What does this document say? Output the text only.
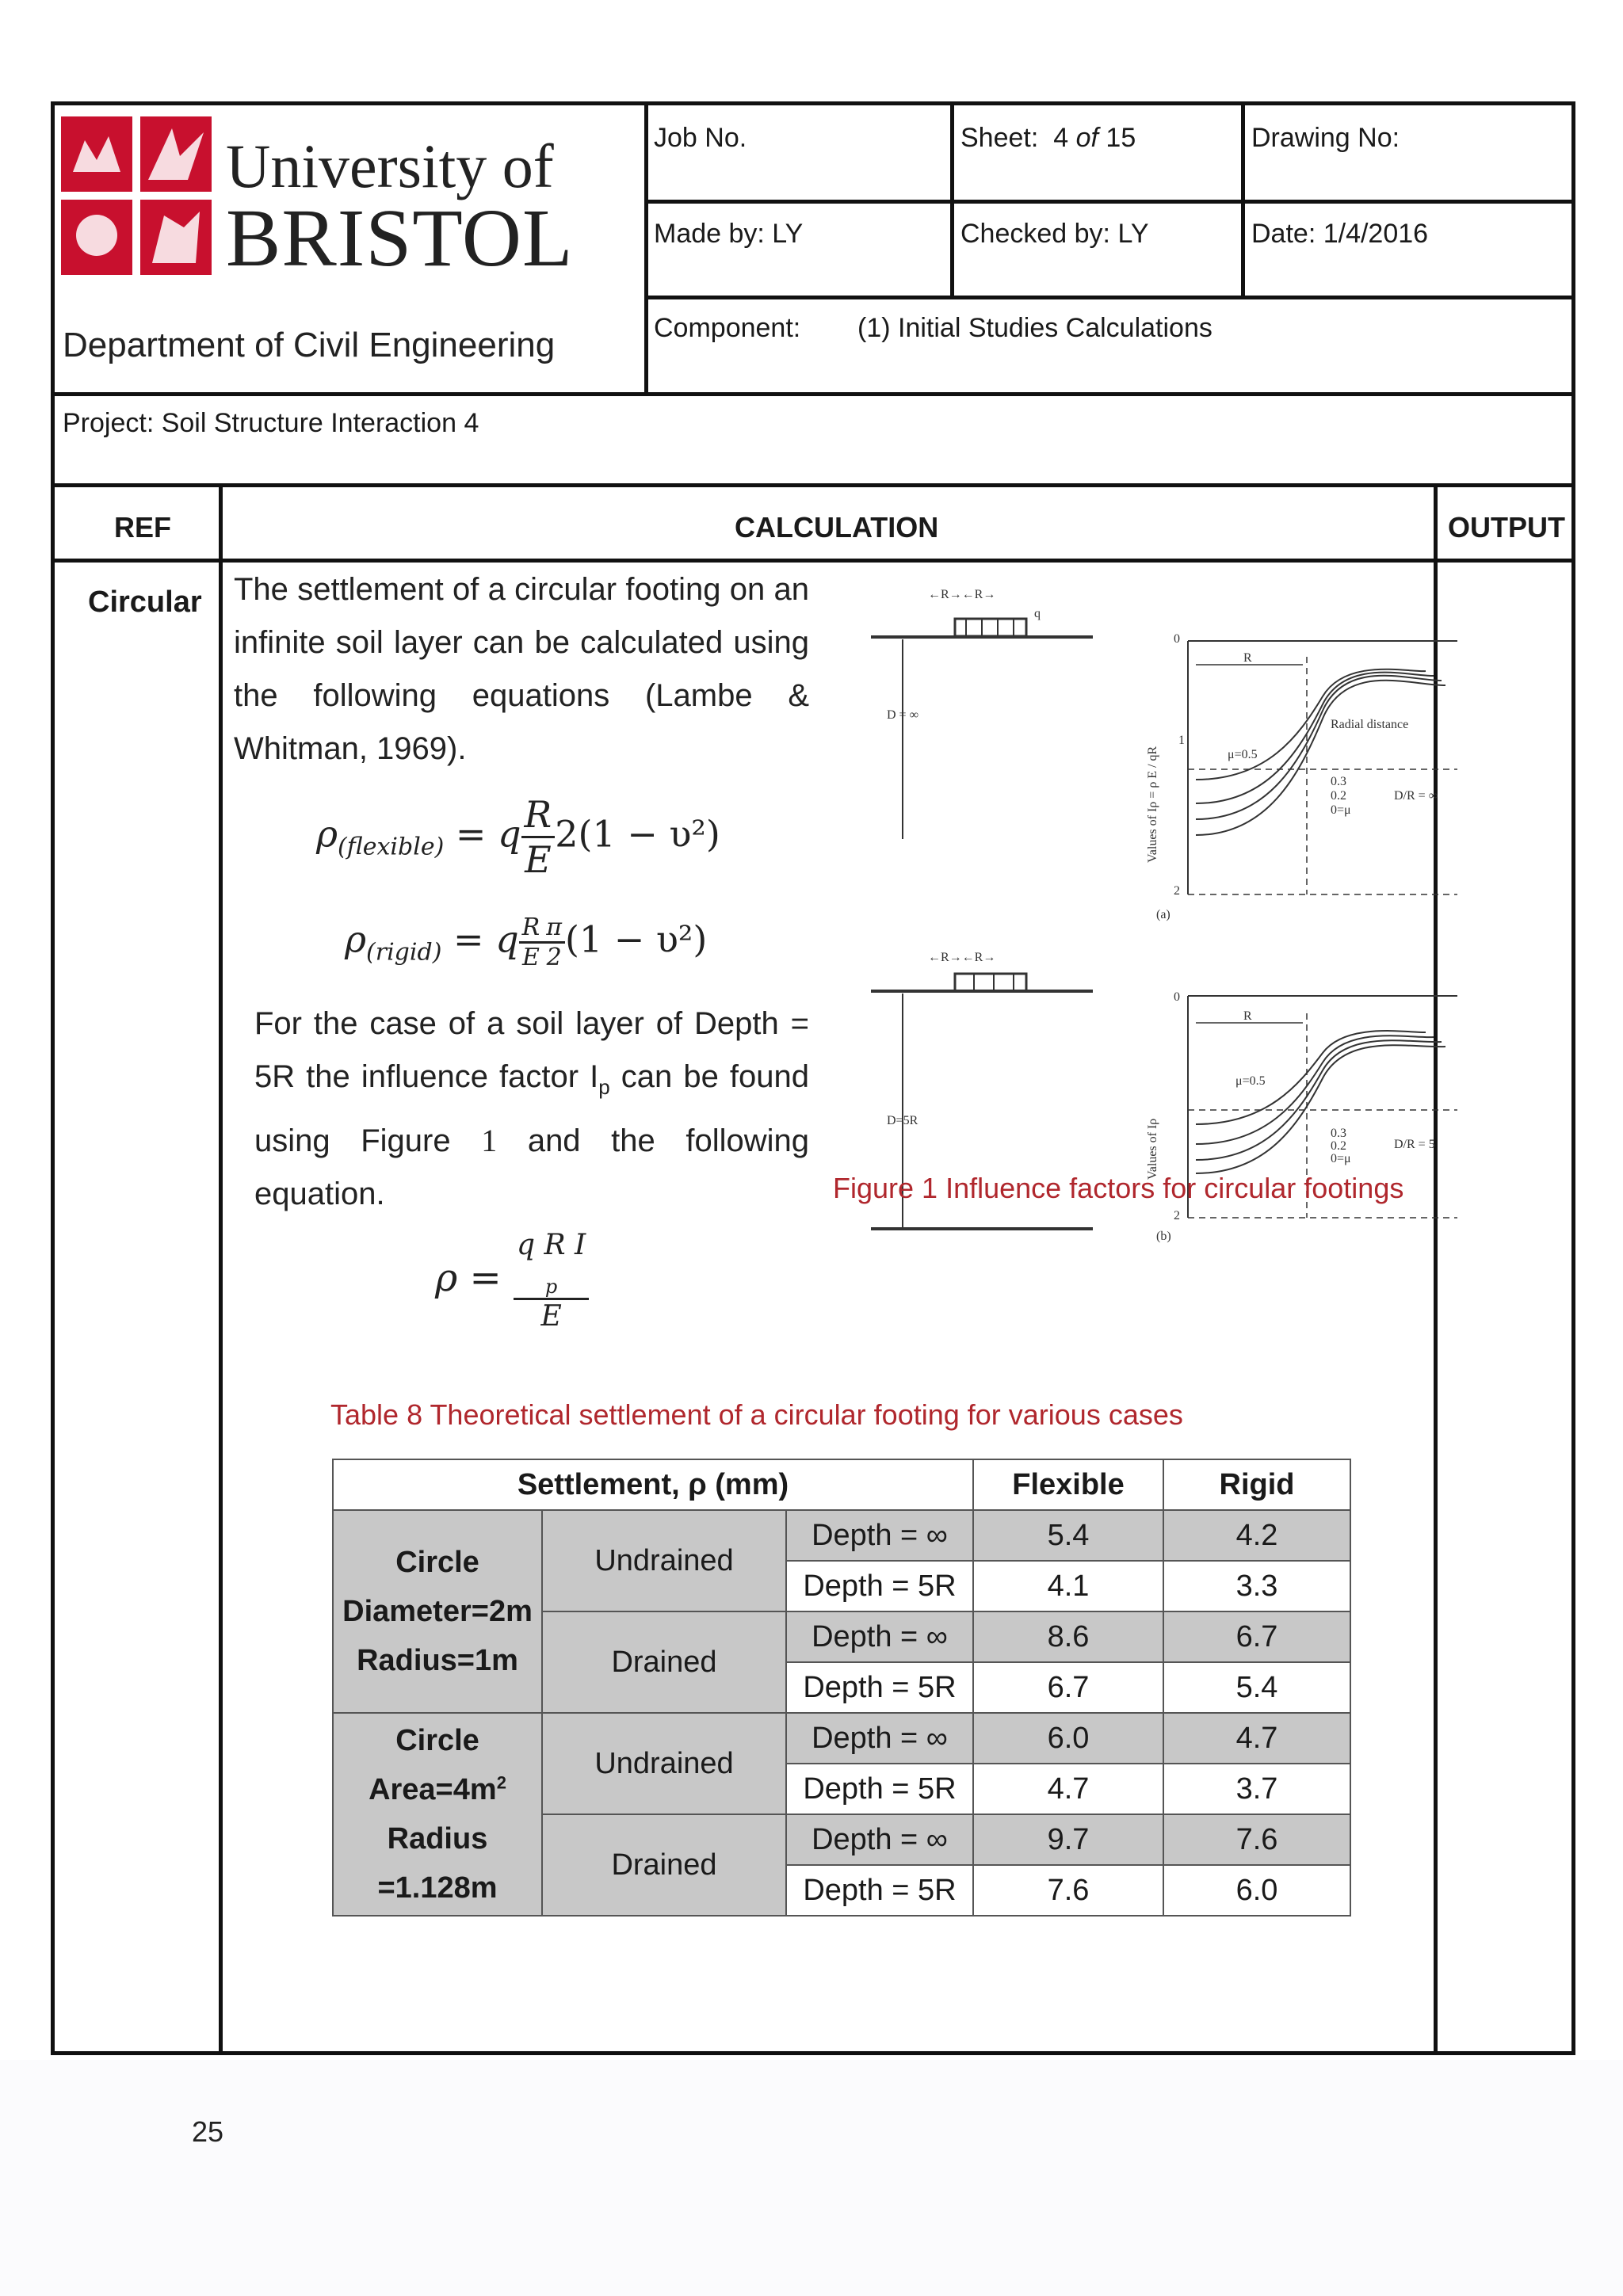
University of
BRISTOL
Department of Civil Engineering
Job No.	Sheet: 4 of 15	Drawing No:
Made by: LY	Checked by: LY	Date: 1/4/2016
Component: (1) Initial Studies Calculations
Project: Soil Structure Interaction 4
REF	CALCULATION	OUTPUT
Circular The settlement of a circular footing on an infinite soil layer can be calculated using the following equations (Lambe & Whitman, 1969).
$\rho_{(flexible)} = q \frac{R}{E} 2(1 - \upsilon^2)$
$\rho_{(rigid)} = q \frac{R}{E} \frac{\pi}{2} (1 - \upsilon^2)$
For the case of a soil layer of Depth = 5R the influence factor $I_p$ can be found using Figure 1 and the following equation.
ρ = q R I
$_p$
E
←R→←R→
q
D = ∞
Values of Iρ = ρ E / qR
1
0
2
Radial distance
R
μ=0.5
0.3
0.2
0=μ
D/R = ∞
(a)
←R→←R→
D=5R	Values of Iρ
0
2
R
μ=0.5
0.3
0.2
0=μ
D/R = 5
(b)
Figure 1 Influence factors for circular footings
Table 8 Theoretical settlement of a circular footing for various cases
Settlement, ρ (mm)			Flexible	Rigid

Circle
Diameter=2m
Radius=1m	Undrained	Depth = ∞	5.4	4.2
		Depth = 5R	4.1	3.3
	Drained	Depth = ∞	8.6	6.7
		Depth = 5R	6.7	5.4

Circle
$Area=4m^2$
Radius
=1.128m	Undrained	Depth = ∞	6.0	4.7
		Depth = 5R	4.7	3.7
	Drained	Depth = ∞	9.7	7.6
		Depth = 5R	7.6	6.0
25
